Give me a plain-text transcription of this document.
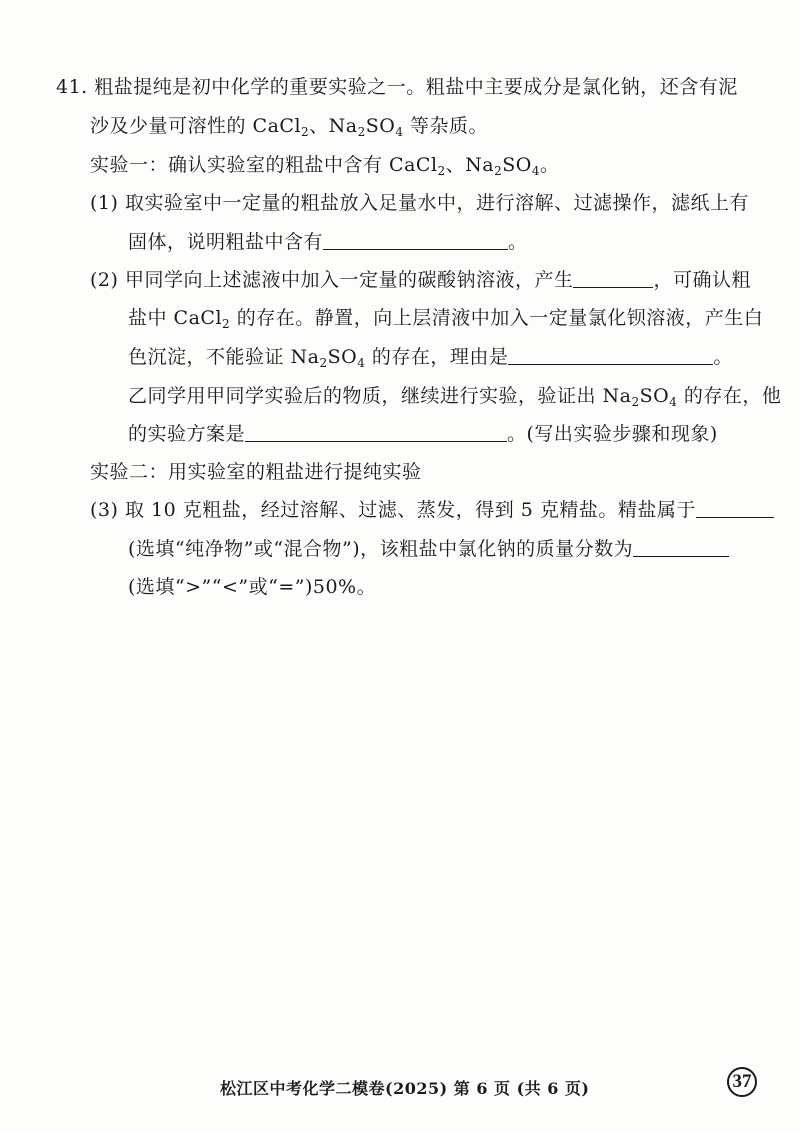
41. 粗盐提纯是初中化学的重要实验之一。粗盐中主要成分是氯化钠，还含有泥
沙及少量可溶性的 CaCl$_2$、$Na_2SO_4$ 等杂质。
实验一：确认实验室的粗盐中含有 CaCl$_2$、$Na_2SO_4$。
(1) 取实验室中一定量的粗盐放入足量水中，进行溶解、过滤操作，滤纸上有
固体，说明粗盐中含有	。
(2) 甲同学向上述滤液中加入一定量的碳酸钠溶液，产生	，可确认粗
盐中 CaCl$_2$ 的存在。静置，向上层清液中加入一定量氯化钡溶液，产生白
色沉淀，不能验证 $Na_2SO_4$ 的存在，理由是	。
乙同学用甲同学实验后的物质，继续进行实验，验证出 $Na_2SO_4$ 的存在，他
的实验方案是	。(写出实验步骤和现象)
实验二：用实验室的粗盐进行提纯实验
(3) 取 10 克粗盐，经过溶解、过滤、蒸发，得到 5 克精盐。精盐属于
(选填“纯净物”或“混合物”)，该粗盐中氯化钠的质量分数为
(选填“>”“<”或“=”)50%。
松江区中考化学二模卷(2025) 第 6 页 (共 6 页)	37
